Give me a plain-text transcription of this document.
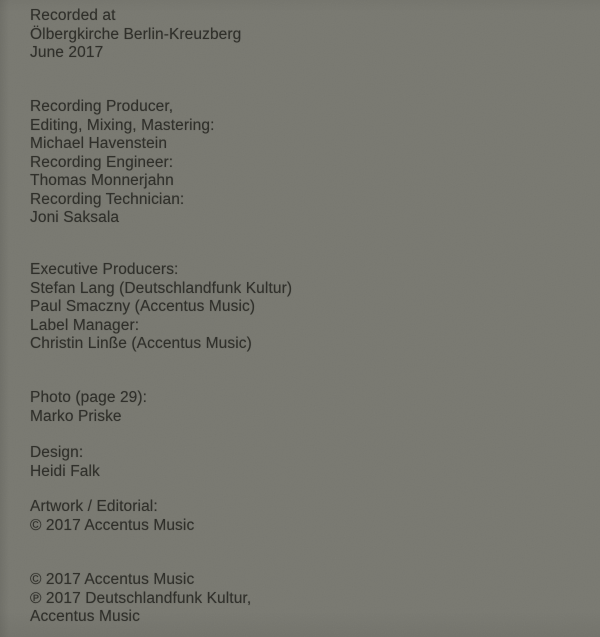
Recorded at
Ölbergkirche Berlin-Kreuzberg
June 2017
Recording Producer,
Editing, Mixing, Mastering:
Michael Havenstein
Recording Engineer:
Thomas Monnerjahn
Recording Technician:
Joni Saksala
Executive Producers:
Stefan Lang (Deutschlandfunk Kultur)
Paul Smaczny (Accentus Music)
Label Manager:
Christin Linße (Accentus Music)
Photo (page 29):
Marko Priske
Design:
Heidi Falk
Artwork / Editorial:
© 2017 Accentus Music
© 2017 Accentus Music
℗ 2017 Deutschlandfunk Kultur,
Accentus Music
